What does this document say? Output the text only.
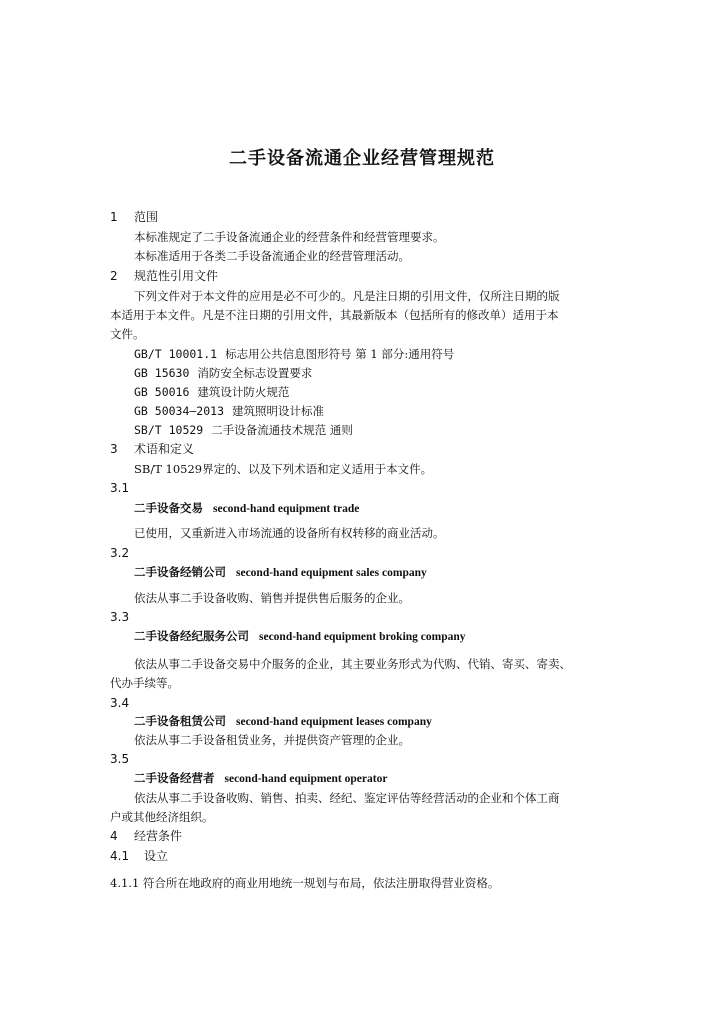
二手设备流通企业经营管理规范
1 范围
本标准规定了二手设备流通企业的经营条件和经营管理要求。
本标准适用于各类二手设备流通企业的经营管理活动。
2 规范性引用文件
下列文件对于本文件的应用是必不可少的。凡是注日期的引用文件，仅所注日期的版
本适用于本文件。凡是不注日期的引用文件，其最新版本（包括所有的修改单）适用于本
文件。
GB/T 10001.1 标志用公共信息图形符号 第 1 部分:通用符号
GB 15630 消防安全标志设置要求
GB 50016 建筑设计防火规范
GB 50034—2013 建筑照明设计标准
SB/T 10529 二手设备流通技术规范 通则
3 术语和定义
SB/T 10529界定的、以及下列术语和定义适用于本文件。
3.1
二手设备交易 second-hand equipment trade
已使用，又重新进入市场流通的设备所有权转移的商业活动。
3.2
二手设备经销公司 second-hand equipment sales company
依法从事二手设备收购、销售并提供售后服务的企业。
3.3
二手设备经纪服务公司 second-hand equipment broking company
依法从事二手设备交易中介服务的企业，其主要业务形式为代购、代销、寄买、寄卖、
代办手续等。
3.4
二手设备租赁公司 second-hand equipment leases company
依法从事二手设备租赁业务，并提供资产管理的企业。
3.5
二手设备经营者 second-hand equipment operator
依法从事二手设备收购、销售、拍卖、经纪、鉴定评估等经营活动的企业和个体工商
户或其他经济组织。
4 经营条件
4.1 设立
4.1.1 符合所在地政府的商业用地统一规划与布局，依法注册取得营业资格。
